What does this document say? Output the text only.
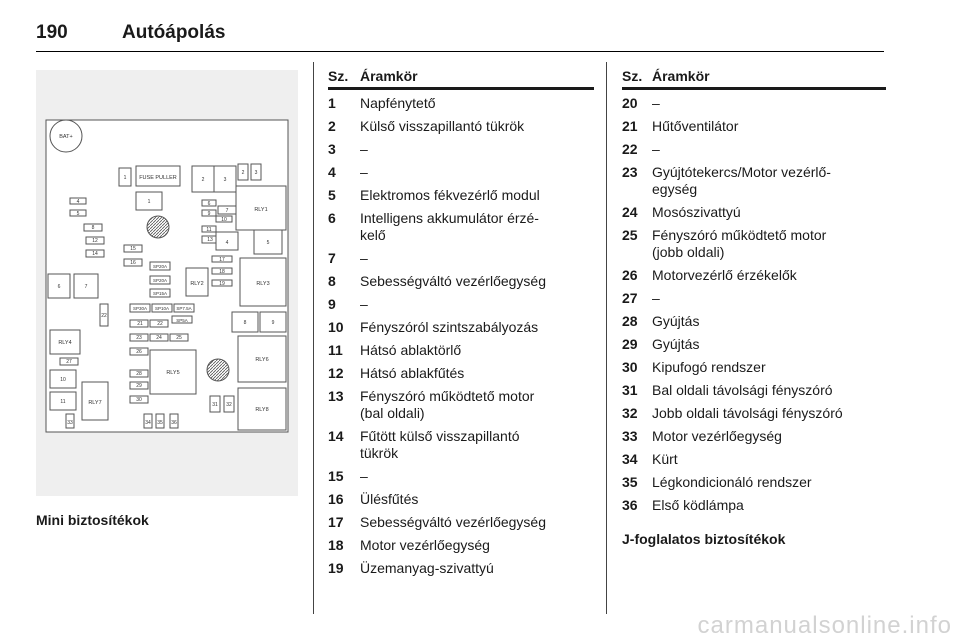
190	Autóápolás
BAT+
FUSE PULLER
RLY1
RLY2	RLY3
RLY4
RLY5
RLY6
RLY7
RLY8
SP20A
SP20A
SP15A
SP30A SP10A SP7.5A
SP5A
1
1
2	3
2 3
4
5
8
12
14
15
16
6	7
6
9
10
7
11
13	4	5
17
18
19
8	9
22
21	22
23	24	25
26
27
10
11
28
29
30
31 32
33	34 35 36
Mini biztosítékok
Sz. Áramkör
1 Napfénytető
2 Külső visszapillantó tükrök
3 –
4 –
5 Elektromos fékvezérlő modul
6 Intelligens akkumulátor érzé-
kelő
7 –
8 Sebességváltó vezérlőegység
9 –
10 Fényszóról szintszabályozás
11 Hátsó ablaktörlő
12 Hátsó ablakfűtés
13 Fényszóró működtető motor
(bal oldali)
14 Fűtött külső visszapillantó
tükrök
15 –
16 Ülésfűtés
17 Sebességváltó vezérlőegység
18 Motor vezérlőegység
19 Üzemanyag-szivattyú
Sz. Áramkör
20 –
21 Hűtőventilátor
22 –
23 Gyújtótekercs/Motor vezérlő-
egység
24 Mosószivattyú
25 Fényszóró működtető motor
(jobb oldali)
26 Motorvezérlő érzékelők
27 –
28 Gyújtás
29 Gyújtás
30 Kipufogó rendszer
31 Bal oldali távolsági fényszóró
32 Jobb oldali távolsági fényszóró
33 Motor vezérlőegység
34 Kürt
35 Légkondicionáló rendszer
36 Első ködlámpa
J-foglalatos biztosítékok
carmanualsonline.info
